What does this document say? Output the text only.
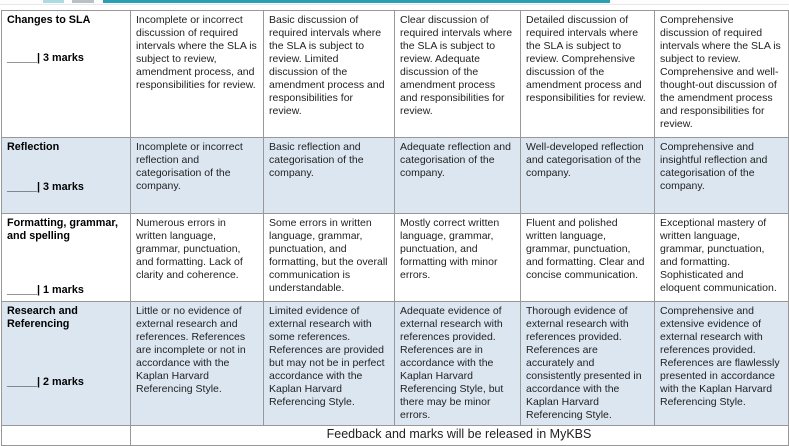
Changes to SLA
_____| 3 marks	Incomplete or incorrect discussion of required intervals where the SLA is subject to review, amendment process, and responsibilities for review.	Basic discussion of required intervals where the SLA is subject to review. Limited discussion of the amendment process and responsibilities for review.	Clear discussion of required intervals where the SLA is subject to review. Adequate discussion of the amendment process and responsibilities for review.	Detailed discussion of required intervals where the SLA is subject to review. Comprehensive discussion of the amendment process and responsibilities for review.	Comprehensive discussion of required intervals where the SLA is subject to review. Comprehensive and well-thought-out discussion of the amendment process and responsibilities for review.

Reflection
_____| 3 marks	Incomplete or incorrect reflection and categorisation of the company.	Basic reflection and categorisation of the company.	Adequate reflection and categorisation of the company.	Well-developed reflection and categorisation of the company.	Comprehensive and insightful reflection and categorisation of the company.

Formatting, grammar, and spelling
_____| 1 marks	Numerous errors in written language, grammar, punctuation, and formatting. Lack of clarity and coherence.	Some errors in written language, grammar, punctuation, and formatting, but the overall communication is understandable.	Mostly correct written language, grammar, punctuation, and formatting with minor errors.	Fluent and polished written language, grammar, punctuation, and formatting. Clear and concise communication.	Exceptional mastery of written language, grammar, punctuation, and formatting. Sophisticated and eloquent communication.

Research and Referencing
_____| 2 marks	Little or no evidence of external research and references. References are incomplete or not in accordance with the Kaplan Harvard Referencing Style.	Limited evidence of external research with some references. References are provided but may not be in perfect accordance with the Kaplan Harvard Referencing Style.	Adequate evidence of external research with references provided. References are in accordance with the Kaplan Harvard Referencing Style, but there may be minor errors.	Thorough evidence of external research with references provided. References are accurately and consistently presented in accordance with the Kaplan Harvard Referencing Style.	Comprehensive and extensive evidence of external research with references provided. References are flawlessly presented in accordance with the Kaplan Harvard Referencing Style.
	Feedback and marks will be released in MyKBS				
